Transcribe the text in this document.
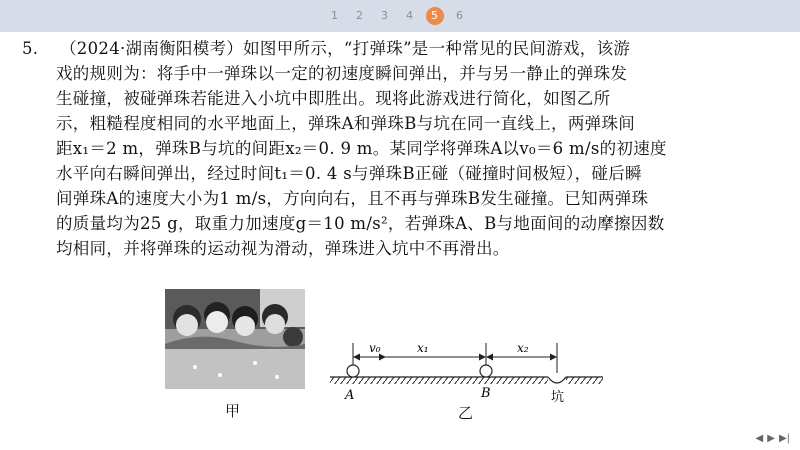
1	2	3	4	5	6
5. （2024·湖南衡阳模考）如图甲所示，“打弹珠”是一种常见的民间游戏，该游
戏的规则为：将手中一弹珠以一定的初速度瞬间弹出，并与另一静止的弹珠发
生碰撞，被碰弹珠若能进入小坑中即胜出。现将此游戏进行简化，如图乙所
示，粗糙程度相同的水平地面上，弹珠A和弹珠B与坑在同一直线上，两弹珠间
距x₁＝2 m，弹珠B与坑的间距x₂＝0. 9 m。某同学将弹珠A以v₀＝6 m/s的初速度
水平向右瞬间弹出，经过时间t₁＝0. 4 s与弹珠B正碰（碰撞时间极短），碰后瞬
间弹珠A的速度大小为1 m/s，方向向右，且不再与弹珠B发生碰撞。已知两弹珠
的质量均为25 g，取重力加速度g＝10 m/s²，若弹珠A、B与地面间的动摩擦因数
均相同，并将弹珠的运动视为滑动，弹珠进入坑中不再滑出。
甲
v₀	x₁	x₂
A	B	坑
乙
◀ ▶ ▶|
